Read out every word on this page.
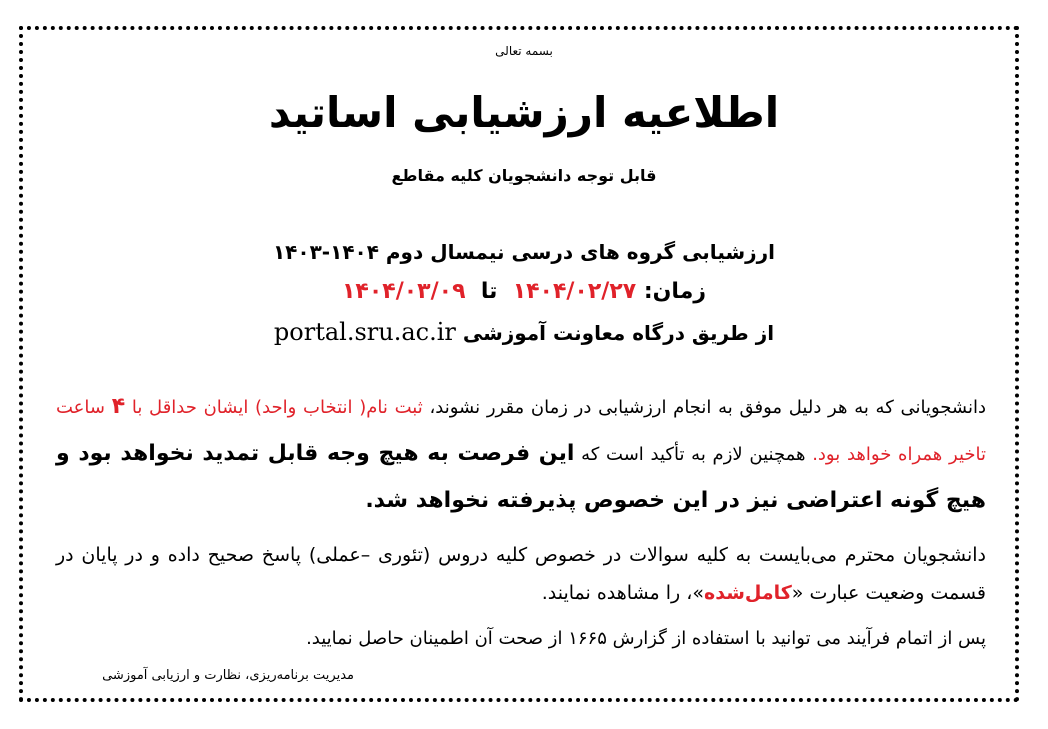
بسمه تعالی
اطلاعیه ارزشیابی اساتید
قابل توجه دانشجویان کلیه مقاطع
ارزشیابی گروه های درسی نیمسال دوم ۱۴۰۴-۱۴۰۳
زمان: ۱۴۰۴/۰۲/۲۷  تا  ۱۴۰۴/۰۳/۰۹
از طریق درگاه معاونت آموزشی portal.sru.ac.ir
دانشجویانی که به هر دلیل موفق به انجام ارزشیابی در زمان مقرر نشوند، ثبت نام( انتخاب واحد) ایشان حداقل با ۴ ساعت تاخیر همراه خواهد بود. همچنین لازم به تأکید است که این فرصت به هیچ وجه قابل تمدید نخواهد بود و هیچ گونه اعتراضی نیز در این خصوص پذیرفته نخواهد شد.
دانشجویان محترم می‌بایست به کلیه سوالات در خصوص کلیه دروس (تئوری –عملی) پاسخ صحیح داده و در پایان در قسمت وضعیت عبارت «کامل‌شده»، را مشاهده نمایند.
پس از اتمام فرآیند می توانید با استفاده از گزارش ۱۶۶۵ از صحت آن اطمینان حاصل نمایید.
مدیریت برنامه‌ریزی، نظارت و ارزیابی آموزشی
